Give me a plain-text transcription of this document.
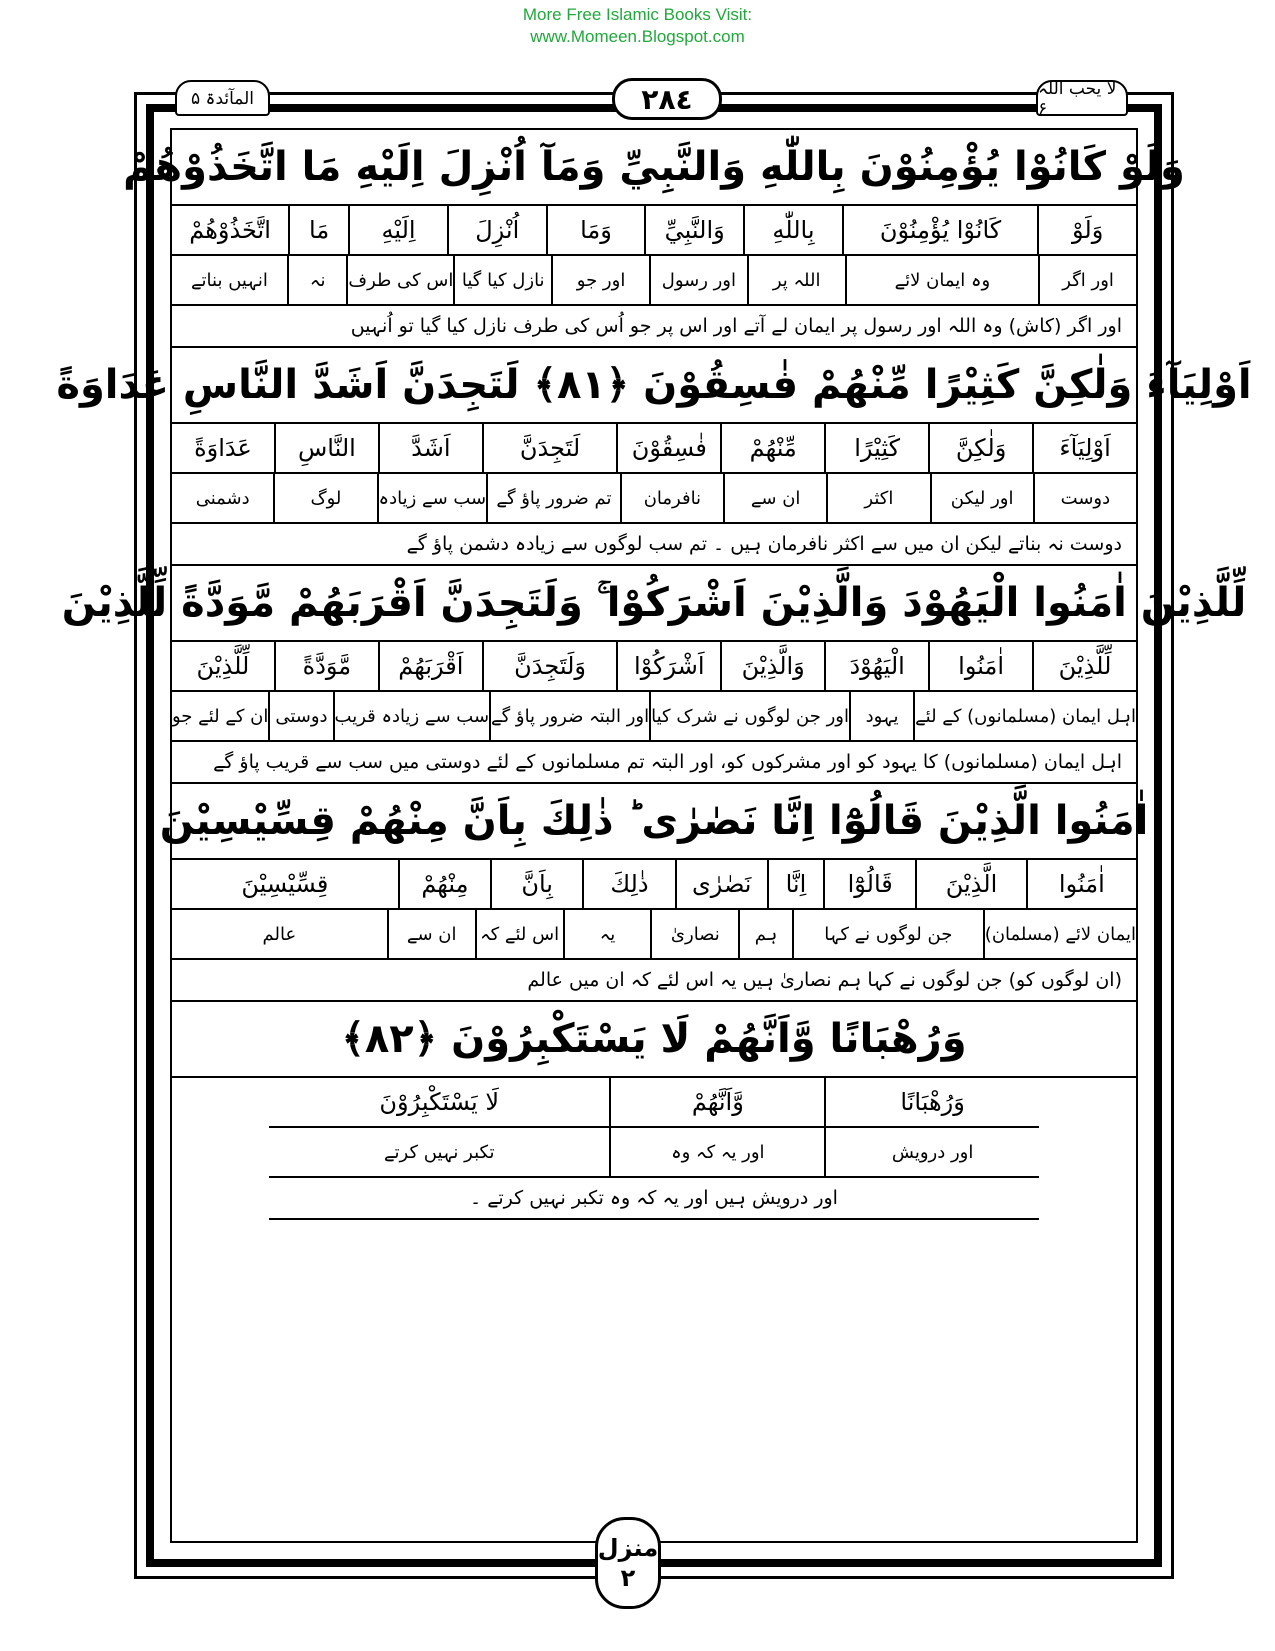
More Free Islamic Books Visit:
www.Momeen.Blogspot.com
المآئدۃ ۵	٢٨٤	لا یحب اللہ ۶
وَلَوْ كَانُوْا يُؤْمِنُوْنَ بِاللّٰهِ وَالنَّبِيِّ وَمَآ اُنْزِلَ اِلَيْهِ مَا اتَّخَذُوْهُمْ
وَلَوْ
كَانُوْا يُؤْمِنُوْنَ
بِاللّٰهِ
وَالنَّبِيِّ
وَمَا
اُنْزِلَ
اِلَيْهِ
مَا
اتَّخَذُوْهُمْ
اور اگر
وہ ایمان لائے
اللہ پر
اور رسول
اور جو
نازل کیا گیا
اس کی طرف
نہ
انہیں بناتے
اور اگر (کاش) وہ اللہ اور رسول پر ایمان لے آتے اور اس پر جو اُس کی طرف نازل کیا گیا تو اُنہیں
اَوْلِيَآءَ وَلٰكِنَّ كَثِيْرًا مِّنْهُمْ فٰسِقُوْنَ ﴿٨١﴾ لَتَجِدَنَّ اَشَدَّ النَّاسِ عَدَاوَةً
اَوْلِيَآءَ
وَلٰكِنَّ
كَثِيْرًا
مِّنْهُمْ
فٰسِقُوْنَ
لَتَجِدَنَّ
اَشَدَّ
النَّاسِ
عَدَاوَةً
دوست
اور لیکن
اکثر
ان سے
نافرمان
تم ضرور پاؤ گے
سب سے زیادہ
لوگ
دشمنی
دوست نہ بناتے لیکن ان میں سے اکثر نافرمان ہیں ۔ تم سب لوگوں سے زیادہ دشمن پاؤ گے
لِّلَّذِيْنَ اٰمَنُوا الْيَهُوْدَ وَالَّذِيْنَ اَشْرَكُوْا ۚ وَلَتَجِدَنَّ اَقْرَبَهُمْ مَّوَدَّةً لِّلَّذِيْنَ
لِّلَّذِيْنَ
اٰمَنُوا
الْيَهُوْدَ
وَالَّذِيْنَ
اَشْرَكُوْا
وَلَتَجِدَنَّ
اَقْرَبَهُمْ
مَّوَدَّةً
لِّلَّذِيْنَ
اہل ایمان (مسلمانوں) کے لئے
یہود
اور جن لوگوں نے شرک کیا
اور البتہ ضرور پاؤ گے
سب سے زیادہ قریب
دوستی
ان کے لئے جو
اہل ایمان (مسلمانوں) کا یہود کو اور مشرکوں کو، اور البتہ تم مسلمانوں کے لئے دوستی میں سب سے قریب پاؤ گے
اٰمَنُوا الَّذِيْنَ قَالُوْٓا اِنَّا نَصٰرٰى ؕ ذٰلِكَ بِاَنَّ مِنْهُمْ قِسِّيْسِيْنَ
اٰمَنُوا
الَّذِيْنَ
قَالُوْٓا
اِنَّا
نَصٰرٰى
ذٰلِكَ
بِاَنَّ
مِنْهُمْ
قِسِّيْسِيْنَ
ایمان لائے (مسلمان)
جن لوگوں نے کہا
ہم
نصاریٰ
یہ
اس لئے کہ
ان سے
عالم
(ان لوگوں کو) جن لوگوں نے کہا ہم نصاریٰ ہیں یہ اس لئے کہ ان میں عالم
وَرُهْبَانًا وَّاَنَّهُمْ لَا يَسْتَكْبِرُوْنَ ﴿٨٢﴾
وَرُهْبَانًا
وَّاَنَّهُمْ
لَا يَسْتَكْبِرُوْنَ
اور درویش
اور یہ کہ وہ
تکبر نہیں کرتے
اور درویش ہیں اور یہ کہ وہ تکبر نہیں کرتے ۔
منزل
٢
